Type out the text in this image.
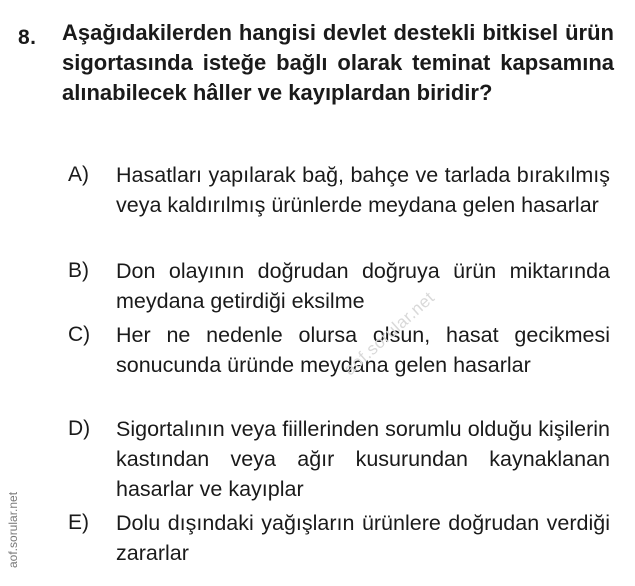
8. Aşağıdakilerden hangisi devlet destekli bitkisel ürün sigortasında isteğe bağlı olarak teminat kapsamına alınabilecek hâller ve kayıplardan biridir?

A) Hasatları yapılarak bağ, bahçe ve tarlada bırakılmış veya kaldırılmış ürünlerde meydana gelen hasarlar

B) Don olayının doğrudan doğruya ürün miktarında meydana getirdiği eksilme

C) Her ne nedenle olursa olsun, hasat gecikmesi sonucunda üründe meydana gelen hasarlar

D) Sigortalının veya fiillerinden sorumlu olduğu kişilerin kastından veya ağır kusurundan kaynaklanan hasarlar ve kayıplar

E) Dolu dışındaki yağışların ürünlere doğrudan verdiği zararlar

aof.sorular.net
aof.sorular.net
